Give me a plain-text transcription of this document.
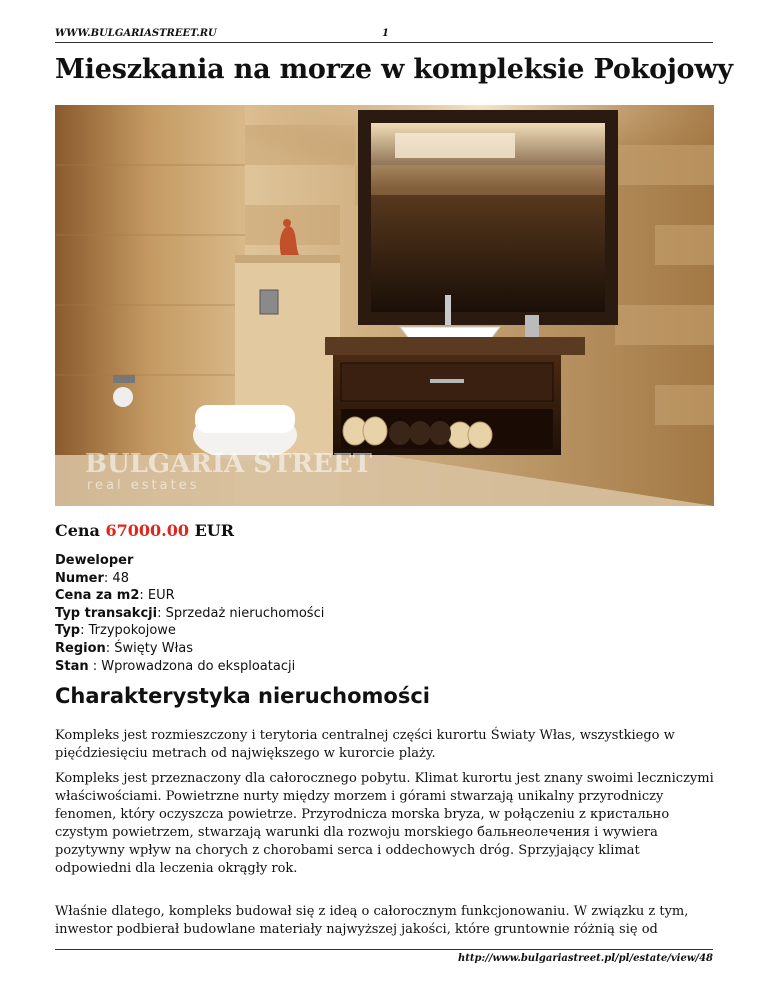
WWW.BULGARIASTREET.RU	1
Mieszkania na morze w kompleksie Pokojowy
BULGARIA STREET
real estates
Cena 67000.00 EUR
Deweloper
Numer: 48
Cena za m2: EUR
Typ transakcji: Sprzedaż nieruchomości
Typ: Trzypokojowe
Region: Święty Włas
Stan : Wprowadzona do eksploatacji
Charakterystyka nieruchomości

Kompleks jest rozmieszczony i terytoria centralnej części kurortu Światy Włas, wszystkiego w pięćdziesięciu metrach od największego w kurorcie plaży.

Kompleks jest przeznaczony dla całorocznego pobytu. Klimat kurortu jest znany swoimi leczniczymi właściwościami. Powietrzne nurty między morzem i górami stwarzają unikalny przyrodniczy fenomen, który oczyszcza powietrze. Przyrodnicza morska bryza, w połączeniu z кристально czystym powietrzem, stwarzają warunki dla rozwoju morskiego бальнеолечения i wywiera pozytywny wpływ na chorych z chorobami serca i oddechowych dróg. Sprzyjający klimat odpowiedni dla leczenia okrągły rok.

Właśnie dlatego, kompleks budował się z ideą o całorocznym funkcjonowaniu. W związku z tym, inwestor podbierał budowlane materiały najwyższej jakości, które gruntownie różnią się od

http://www.bulgariastreet.pl/pl/estate/view/48
